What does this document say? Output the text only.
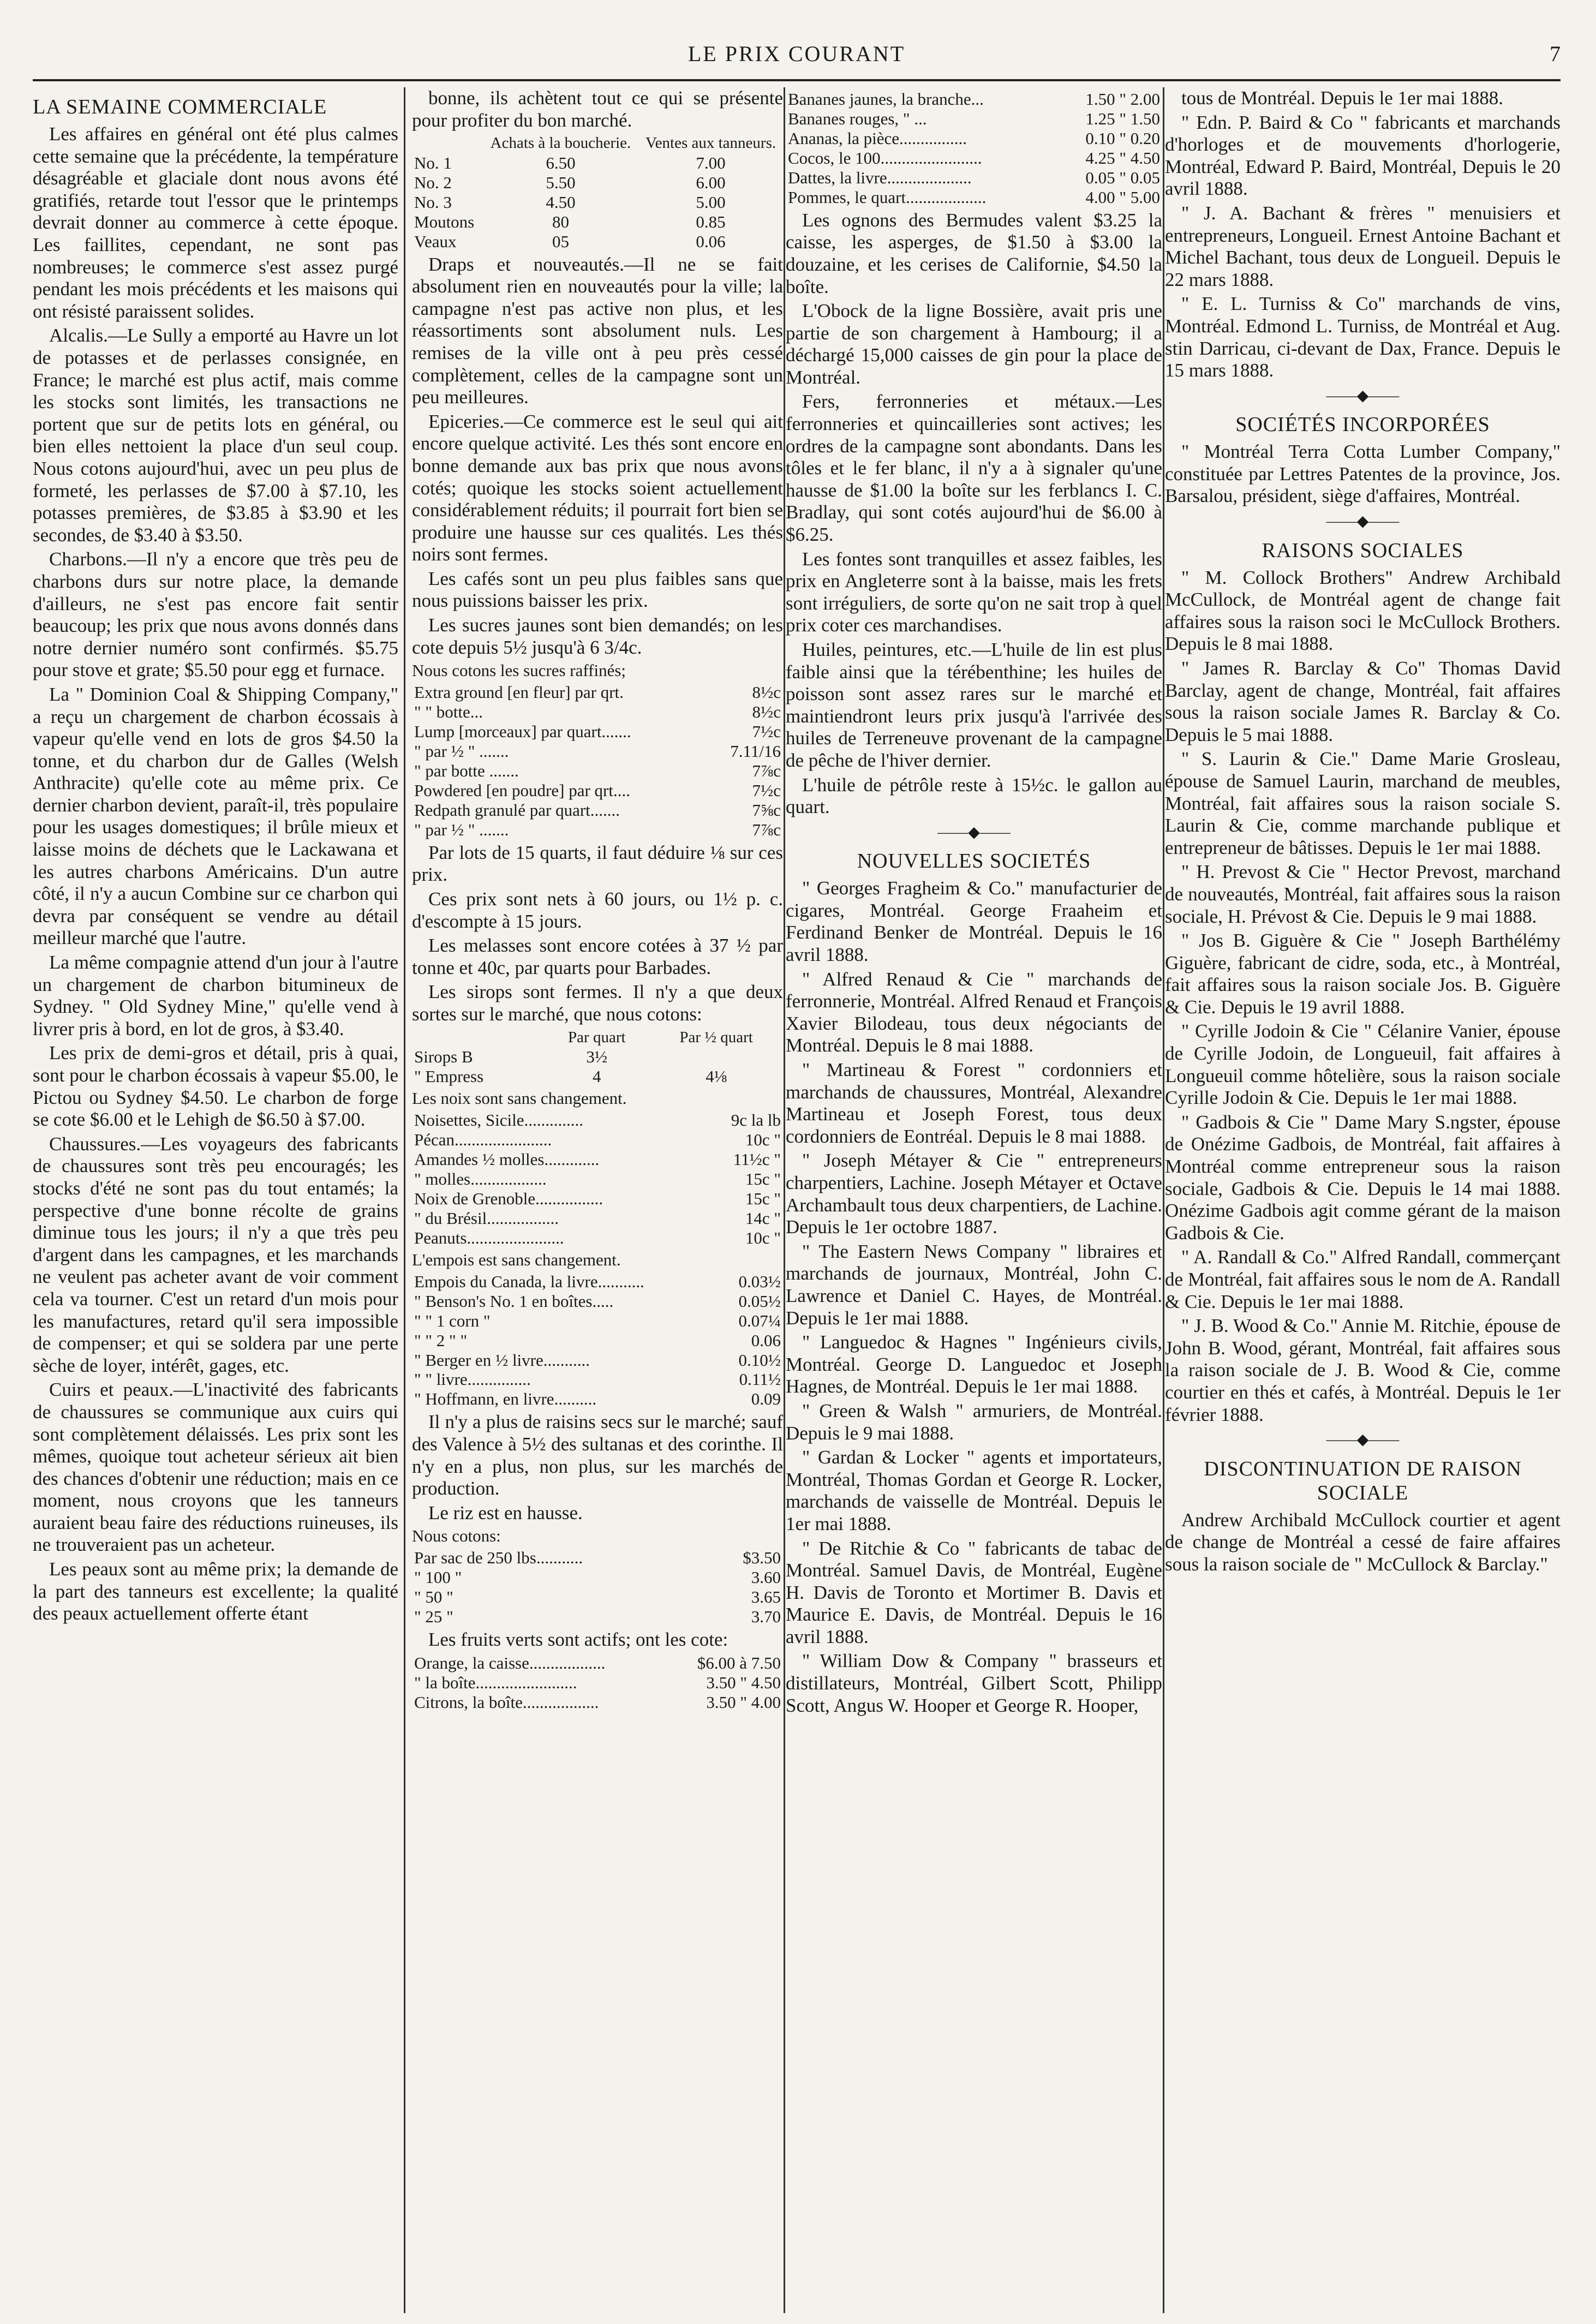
LE PRIX COURANT	7
LA SEMAINE COMMERCIALE

Les affaires en général ont été plus calmes cette semaine que la précédente, la température désagréable et glaciale dont nous avons été gratifiés, retarde tout l'essor que le printemps devrait donner au commerce à cette époque. Les faillites, cependant, ne sont pas nombreuses; le commerce s'est assez purgé pendant les mois précédents et les maisons qui ont résisté paraissent solides.

Alcalis.—Le Sully a emporté au Havre un lot de potasses et de perlasses consignée, en France; le marché est plus actif, mais comme les stocks sont limités, les transactions ne portent que sur de petits lots en général, ou bien elles nettoient la place d'un seul coup. Nous cotons aujourd'hui, avec un peu plus de formeté, les perlasses de $7.00 à $7.10, les potasses premières, de $3.85 à $3.90 et les secondes, de $3.40 à $3.50.

Charbons.—Il n'y a encore que très peu de charbons durs sur notre place, la demande d'ailleurs, ne s'est pas encore fait sentir beaucoup; les prix que nous avons donnés dans notre dernier numéro sont confirmés. $5.75 pour stove et grate; $5.50 pour egg et furnace.

La " Dominion Coal & Shipping Company," a reçu un chargement de charbon écossais à vapeur qu'elle vend en lots de gros $4.50 la tonne, et du charbon dur de Galles (Welsh Anthracite) qu'elle cote au même prix. Ce dernier charbon devient, paraît-il, très populaire pour les usages domestiques; il brûle mieux et laisse moins de déchets que le Lackawana et les autres charbons Américains. D'un autre côté, il n'y a aucun Combine sur ce charbon qui devra par conséquent se vendre au détail meilleur marché que l'autre.

La même compagnie attend d'un jour à l'autre un chargement de charbon bitumineux de Sydney. " Old Sydney Mine," qu'elle vend à livrer pris à bord, en lot de gros, à $3.40.

Les prix de demi-gros et détail, pris à quai, sont pour le charbon écossais à vapeur $5.00, le Pictou ou Sydney $4.50. Le charbon de forge se cote $6.00 et le Lehigh de $6.50 à $7.00.

Chaussures.—Les voyageurs des fabricants de chaussures sont très peu encouragés; les stocks d'été ne sont pas du tout entamés; la perspective d'une bonne récolte de grains diminue tous les jours; il n'y a que très peu d'argent dans les campagnes, et les marchands ne veulent pas acheter avant de voir comment cela va tourner. C'est un retard d'un mois pour les manufactures, retard qu'il sera impossible de compenser; et qui se soldera par une perte sèche de loyer, intérêt, gages, etc.

Cuirs et peaux.—L'inactivité des fabricants de chaussures se communique aux cuirs qui sont complètement délaissés. Les prix sont les mêmes, quoique tout acheteur sérieux ait bien des chances d'obtenir une réduction; mais en ce moment, nous croyons que les tanneurs auraient beau faire des réductions ruineuses, ils ne trouveraient pas un acheteur.

Les peaux sont au même prix; la demande de la part des tanneurs est excellente; la qualité des peaux actuellement offerte étant

bonne, ils achètent tout ce qui se présente pour profiter du bon marché.

	Achats à la boucherie.	Ventes aux tanneurs.
No. 1	6.50	7.00
No. 2	5.50	6.00
No. 3	4.50	5.00
Moutons	80	0.85
Veaux	05	0.06

Draps et nouveautés.—Il ne se fait absolument rien en nouveautés pour la ville; la campagne n'est pas active non plus, et les réassortiments sont absolument nuls. Les remises de la ville ont à peu près cessé complètement, celles de la campagne sont un peu meilleures.

Epiceries.—Ce commerce est le seul qui ait encore quelque activité. Les thés sont encore en bonne demande aux bas prix que nous avons cotés; quoique les stocks soient actuellement considérablement réduits; il pourrait fort bien se produire une hausse sur ces qualités. Les thés noirs sont fermes.

Les cafés sont un peu plus faibles sans que nous puissions baisser les prix.

Les sucres jaunes sont bien demandés; on les cote depuis 5½ jusqu'à 6 3/4c.

Nous cotons les sucres raffinés;
Extra ground [en fleur] par qrt.	8½c
" " botte...	8½c
Lump [morceaux] par quart.......	7½c
" par ½ " .......	7.11/16
" par botte .......	7⅞c
Powdered [en poudre] par qrt....	7½c
Redpath granulé par quart.......	7⅝c
" par ½ " .......	7⅞c

Par lots de 15 quarts, il faut déduire ⅛ sur ces prix.

Ces prix sont nets à 60 jours, ou 1½ p. c. d'escompte à 15 jours.

Les melasses sont encore cotées à 37 ½ par tonne et 40c, par quarts pour Barbades.

Les sirops sont fermes. Il n'y a que deux sortes sur le marché, que nous cotons:

	Par quart	Par ½ quart
Sirops B	3½	
" Empress	4	4⅛
Les noix sont sans changement.
Noisettes, Sicile..............	9c la lb
Pécan.......................	10c "
Amandes ½ molles.............	11½c "
" molles..................	15c "
Noix de Grenoble................	15c "
" du Brésil.................	14c "
Peanuts.......................	10c "
L'empois est sans changement.
Empois du Canada, la livre...........	0.03½
" Benson's No. 1 en boîtes.....	0.05½
" " 1 corn "	0.07¼
" " 2 " "	0.06
" Berger en ½ livre...........	0.10½
" " livre...............	0.11½
" Hoffmann, en livre..........	0.09

Il n'y a plus de raisins secs sur le marché; sauf des Valence à 5½ des sultanas et des corinthe. Il n'y en a plus, non plus, sur les marchés de production.

Le riz est en hausse.

Nous cotons:
Par sac de 250 lbs...........	$3.50
" 100 "	3.60
" 50 "	3.65
" 25 "	3.70

Les fruits verts sont actifs; ont les cote:

Orange, la caisse..................	$6.00 à 7.50
" la boîte........................	3.50 " 4.50
Citrons, la boîte..................	3.50 " 4.00
Bananes jaunes, la branche...	1.50 " 2.00
Bananes rouges, " ...	1.25 " 1.50
Ananas, la pièce................	0.10 " 0.20
Cocos, le 100........................	4.25 " 4.50
Dattes, la livre....................	0.05 " 0.05
Pommes, le quart...................	4.00 " 5.00

Les ognons des Bermudes valent $3.25 la caisse, les asperges, de $1.50 à $3.00 la douzaine, et les cerises de Californie, $4.50 la boîte.

L'Obock de la ligne Bossière, avait pris une partie de son chargement à Hambourg; il a déchargé 15,000 caisses de gin pour la place de Montréal.

Fers, ferronneries et métaux.—Les ferronneries et quincailleries sont actives; les ordres de la campagne sont abondants. Dans les tôles et le fer blanc, il n'y a à signaler qu'une hausse de $1.00 la boîte sur les ferblancs I. C. Bradlay, qui sont cotés aujourd'hui de $6.00 à $6.25.

Les fontes sont tranquilles et assez faibles, les prix en Angleterre sont à la baisse, mais les frets sont irréguliers, de sorte qu'on ne sait trop à quel prix coter ces marchandises.

Huiles, peintures, etc.—L'huile de lin est plus faible ainsi que la térébenthine; les huiles de poisson sont assez rares sur le marché et maintiendront leurs prix jusqu'à l'arrivée des huiles de Terreneuve provenant de la campagne de pêche de l'hiver dernier.

L'huile de pétrôle reste à 15½c. le gallon au quart.

——◆——
NOUVELLES SOCIETÉS

" Georges Fragheim & Co." manufacturier de cigares, Montréal. George Fraaheim et Ferdinand Benker de Montréal. Depuis le 16 avril 1888.

" Alfred Renaud & Cie " marchands de ferronnerie, Montréal. Alfred Renaud et François Xavier Bilodeau, tous deux négociants de Montréal. Depuis le 8 mai 1888.

" Martineau & Forest " cordonniers et marchands de chaussures, Montréal, Alexandre Martineau et Joseph Forest, tous deux cordonniers de Eontréal. Depuis le 8 mai 1888.

" Joseph Métayer & Cie " entrepreneurs charpentiers, Lachine. Joseph Métayer et Octave Archambault tous deux charpentiers, de Lachine. Depuis le 1er octobre 1887.

" The Eastern News Company " libraires et marchands de journaux, Montréal, John C. Lawrence et Daniel C. Hayes, de Montréal. Depuis le 1er mai 1888.

" Languedoc & Hagnes " Ingénieurs civils, Montréal. George D. Languedoc et Joseph Hagnes, de Montréal. Depuis le 1er mai 1888.

" Green & Walsh " armuriers, de Montréal. Depuis le 9 mai 1888.

" Gardan & Locker " agents et importateurs, Montréal, Thomas Gordan et George R. Locker, marchands de vaisselle de Montréal. Depuis le 1er mai 1888.

" De Ritchie & Co " fabricants de tabac de Montréal. Samuel Davis, de Montréal, Eugène H. Davis de Toronto et Mortimer B. Davis et Maurice E. Davis, de Montréal. Depuis le 16 avril 1888.

" William Dow & Company " brasseurs et distillateurs, Montréal, Gilbert Scott, Philipp Scott, Angus W. Hooper et George R. Hooper,

tous de Montréal. Depuis le 1er mai 1888.

" Edn. P. Baird & Co " fabricants et marchands d'horloges et de mouvements d'horlogerie, Montréal, Edward P. Baird, Montréal, Depuis le 20 avril 1888.

" J. A. Bachant & frères " menuisiers et entrepreneurs, Longueil. Ernest Antoine Bachant et Michel Bachant, tous deux de Longueil. Depuis le 22 mars 1888.

" E. L. Turniss & Co" marchands de vins, Montréal. Edmond L. Turniss, de Montréal et Aug. stin Darricau, ci-devant de Dax, France. Depuis le 15 mars 1888.

——◆——
SOCIÉTÉS INCORPORÉES

" Montréal Terra Cotta Lumber Company," constituée par Lettres Patentes de la province, Jos. Barsalou, président, siège d'affaires, Montréal.

——◆——
RAISONS SOCIALES

" M. Collock Brothers" Andrew Archibald McCullock, de Montréal agent de change fait affaires sous la raison soci le McCullock Brothers. Depuis le 8 mai 1888.

" James R. Barclay & Co" Thomas David Barclay, agent de change, Montréal, fait affaires sous la raison sociale James R. Barclay & Co. Depuis le 5 mai 1888.

" S. Laurin & Cie." Dame Marie Grosleau, épouse de Samuel Laurin, marchand de meubles, Montréal, fait affaires sous la raison sociale S. Laurin & Cie, comme marchande publique et entrepreneur de bâtisses. Depuis le 1er mai 1888.

" H. Prevost & Cie " Hector Prevost, marchand de nouveautés, Montréal, fait affaires sous la raison sociale, H. Prévost & Cie. Depuis le 9 mai 1888.

" Jos B. Giguère & Cie " Joseph Barthélémy Giguère, fabricant de cidre, soda, etc., à Montréal, fait affaires sous la raison sociale Jos. B. Giguère & Cie. Depuis le 19 avril 1888.

" Cyrille Jodoin & Cie " Célanire Vanier, épouse de Cyrille Jodoin, de Longueuil, fait affaires à Longueuil comme hôtelière, sous la raison sociale Cyrille Jodoin & Cie. Depuis le 1er mai 1888.

" Gadbois & Cie " Dame Mary S.ngster, épouse de Onézime Gadbois, de Montréal, fait affaires à Montréal comme entrepreneur sous la raison sociale, Gadbois & Cie. Depuis le 14 mai 1888. Onézime Gadbois agit comme gérant de la maison Gadbois & Cie.

" A. Randall & Co." Alfred Randall, commerçant de Montréal, fait affaires sous le nom de A. Randall & Cie. Depuis le 1er mai 1888.

" J. B. Wood & Co." Annie M. Ritchie, épouse de John B. Wood, gérant, Montréal, fait affaires sous la raison sociale de J. B. Wood & Cie, comme courtier en thés et cafés, à Montréal. Depuis le 1er février 1888.

——◆——
DISCONTINUATION DE RAISON SOCIALE

Andrew Archibald McCullock courtier et agent de change de Montréal a cessé de faire affaires sous la raison sociale de " McCullock & Barclay."
